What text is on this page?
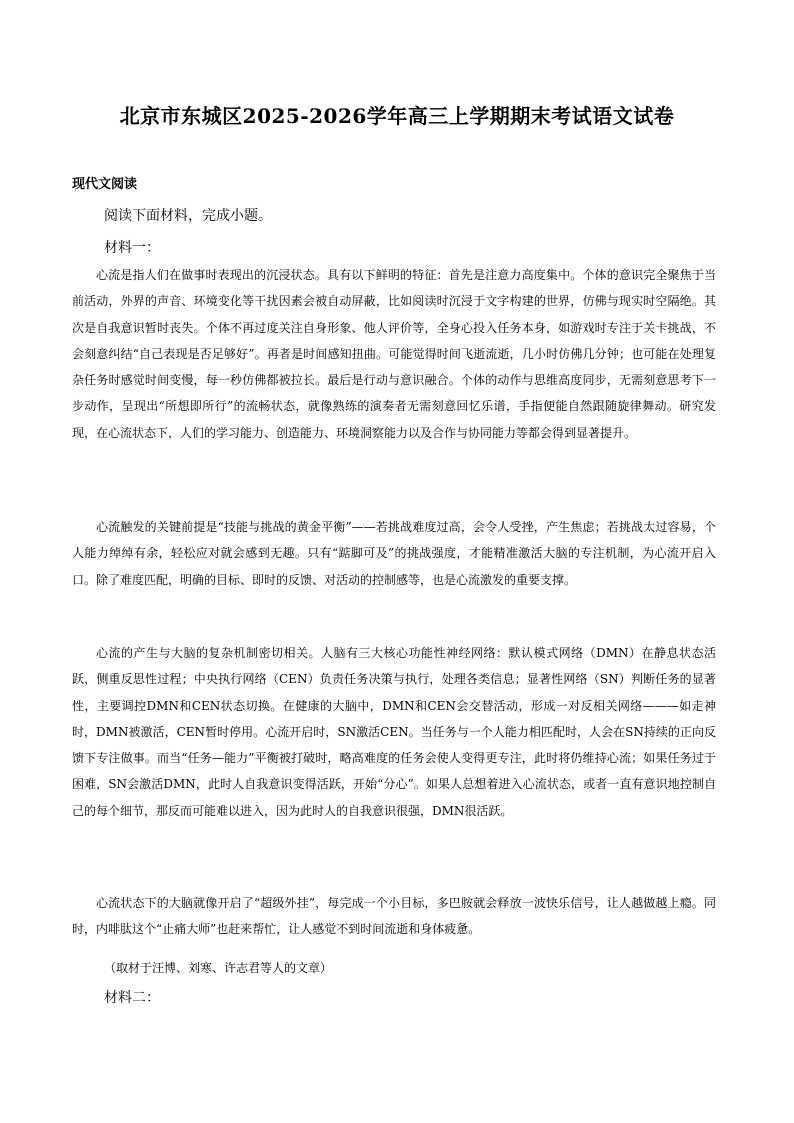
北京市东城区2025-2026学年高三上学期期末考试语文试卷
现代文阅读
阅读下面材料，完成小题。
材料一：

心流是指人们在做事时表现出的沉浸状态。具有以下鲜明的特征：首先是注意力高度集中。个体的意识完全聚焦于当前活动，外界的声音、环境变化等干扰因素会被自动屏蔽，比如阅读时沉浸于文字构建的世界，仿佛与现实时空隔绝。其次是自我意识暂时丧失。个体不再过度关注自身形象、他人评价等，全身心投入任务本身，如游戏时专注于关卡挑战，不会刻意纠结“自己表现是否足够好”。再者是时间感知扭曲。可能觉得时间飞逝流逝，几小时仿佛几分钟；也可能在处理复杂任务时感觉时间变慢，每一秒仿佛都被拉长。最后是行动与意识融合。个体的动作与思维高度同步，无需刻意思考下一步动作，呈现出“所想即所行”的流畅状态，就像熟练的演奏者无需刻意回忆乐谱，手指便能自然跟随旋律舞动。研究发现，在心流状态下，人们的学习能力、创造能力、环境洞察能力以及合作与协同能力等都会得到显著提升。

心流触发的关键前提是“技能与挑战的黄金平衡”——若挑战难度过高，会令人受挫，产生焦虑；若挑战太过容易，个人能力绰绰有余，轻松应对就会感到无趣。只有“踮脚可及”的挑战强度，才能精准激活大脑的专注机制，为心流开启入口。除了难度匹配，明确的目标、即时的反馈、对活动的控制感等，也是心流激发的重要支撑。

心流的产生与大脑的复杂机制密切相关。人脑有三大核心功能性神经网络：默认模式网络（DMN）在静息状态活跃，侧重反思性过程；中央执行网络（CEN）负责任务决策与执行，处理各类信息；显著性网络（SN）判断任务的显著性，主要调控DMN和CEN状态切换。在健康的大脑中，DMN和CEN会交替活动，形成一对反相关网络———如走神时，DMN被激活，CEN暂时停用。心流开启时，SN激活CEN。当任务与一个人能力相匹配时，人会在SN持续的正向反馈下专注做事。而当“任务—能力”平衡被打破时，略高难度的任务会使人变得更专注，此时将仍维持心流；如果任务过于困难，SN会激活DMN，此时人自我意识变得活跃，开始“分心”。如果人总想着进入心流状态，或者一直有意识地控制自己的每个细节，那反而可能难以进入，因为此时人的自我意识很强，DMN很活跃。

心流状态下的大脑就像开启了“超级外挂”，每完成一个小目标，多巴胺就会释放一波快乐信号，让人越做越上瘾。同时，内啡肽这个“止痛大师”也赶来帮忙，让人感觉不到时间流逝和身体疲惫。

（取材于汪博、刘寒、许志君等人的文章）
材料二：
